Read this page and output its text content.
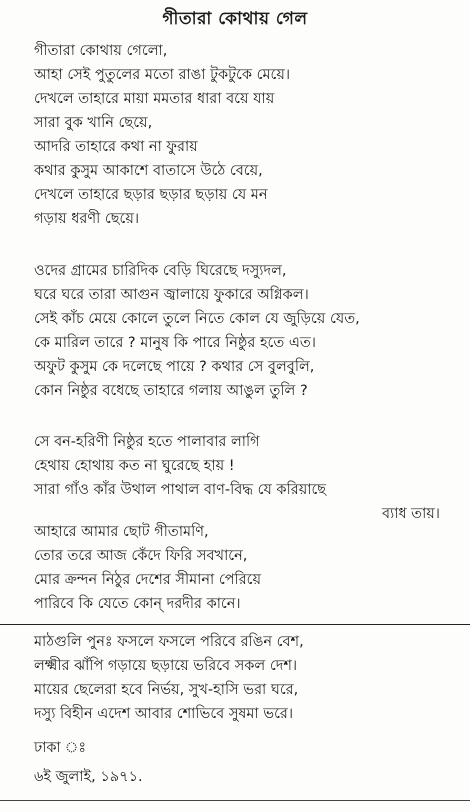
গীতারা কোথায় গেল
গীতারা কোথায় গেলো,
আহা সেই পুতুলের মতো রাঙা টুকটুকে মেয়ে।
দেখলে তাহারে মায়া মমতার ধারা বয়ে যায়
সারা বুক খানি ছেয়ে,
আদরি তাহারে কথা না ফুরায়
কথার কুসুম আকাশে বাতাসে উঠে বেয়ে,
দেখলে তাহারে ছড়ার ছড়ার ছড়ায় যে মন
গড়ায় ধরণী ছেয়ে।
ওদের গ্রামের চারিদিক বেড়ি ঘিরেছে দস্যুদল,
ঘরে ঘরে তারা আগুন জ্বালায়ে ফুকারে অগ্নিকল।
সেই কাঁচ মেয়ে কোলে তুলে নিতে কোল যে জুড়িয়ে যেত,
কে মারিল তারে ? মানুষ কি পারে নিষ্ঠুর হতে এত।
অফুট কুসুম কে দলেছে পায়ে ? কথার সে বুলবুলি,
কোন নিষ্ঠুর বধেছে তাহারে গলায় আঙুল তুলি ?
সে বন-হরিণী নিষ্ঠুর হতে পালাবার লাগি
হেথায় হোথায় কত না ঘুরেছে হায় !
সারা গাঁও কাঁর উথাল পাথাল বাণ-বিদ্ধ যে করিয়াছে
ব্যাধ তায়।
আহারে আমার ছোট গীতামণি,
তোর তরে আজ কেঁদে ফিরি সবখানে,
মোর ক্রন্দন নিঠুর দেশের সীমানা পেরিয়ে
পারিবে কি যেতে কোন্ দরদীর কানে।
মাঠগুলি পুনঃ ফসলে ফসলে পরিবে রঙিন বেশ,
লক্ষ্মীর ঝাঁপি গড়ায়ে ছড়ায়ে ভরিবে সকল দেশ।
মায়ের ছেলেরা হবে নির্ভয়, সুখ-হাসি ভরা ঘরে,
দস্যু বিহীন এদেশ আবার শোভিবে সুষমা ভরে।
ঢাকা ঃ
৬ই জুলাই, ১৯৭১.
